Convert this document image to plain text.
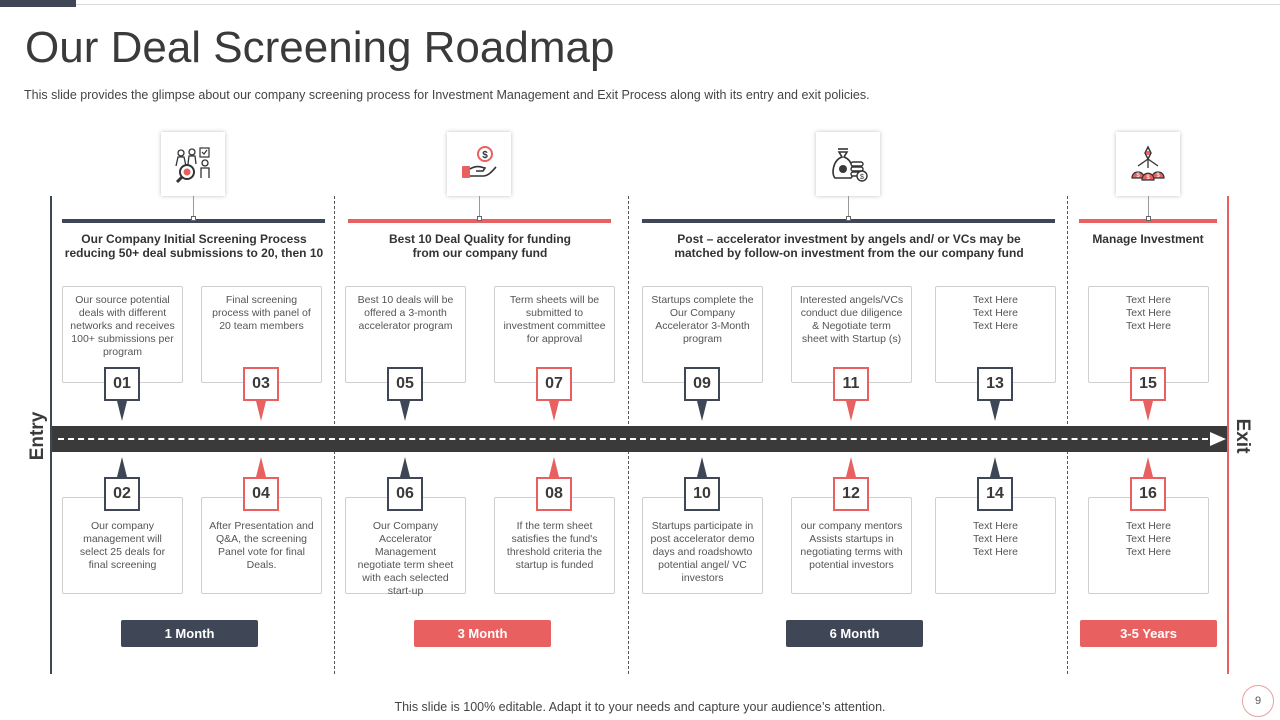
Our Deal Screening Roadmap
This slide provides the glimpse about our company screening process for Investment Management and Exit Process along with its entry and exit policies.
Entry	Exit
$
$	$ $ $
Our Company Initial Screening Process
reducing 50+ deal submissions to 20, then 10
Best 10 Deal Quality for funding
from our company fund
Post – accelerator investment by angels and/ or VCs may be
matched by follow-on investment from the our company fund
Manage Investment
Our source potential deals with different networks and receives 100+ submissions per program
Final screening process with panel of 20 team members
Best 10 deals will be offered a 3-month accelerator program
Term sheets will be submitted to investment committee for approval
Startups complete the Our Company Accelerator 3-Month program
Interested angels/VCs conduct due diligence & Negotiate term sheet with Startup (s)
Text Here
Text Here
Text Here
Text Here
Text Here
Text Here
Our company management will select 25 deals for final screening
After Presentation and Q&A, the screening Panel vote for final Deals.
Our Company Accelerator Management negotiate term sheet with each selected start-up
If the term sheet satisfies the fund's threshold criteria the startup is funded
Startups participate in post accelerator demo days and roadshowto potential angel/ VC investors
our company mentors Assists startups in negotiating terms with potential investors
Text Here
Text Here
Text Here
Text Here
Text Here
Text Here
01	03	05	07	09	11	13	15
02	04	06	08	10	12	14	16
1 Month	3 Month	6 Month	3-5 Years
This slide is 100% editable. Adapt it to your needs and capture your audience’s attention.	9
